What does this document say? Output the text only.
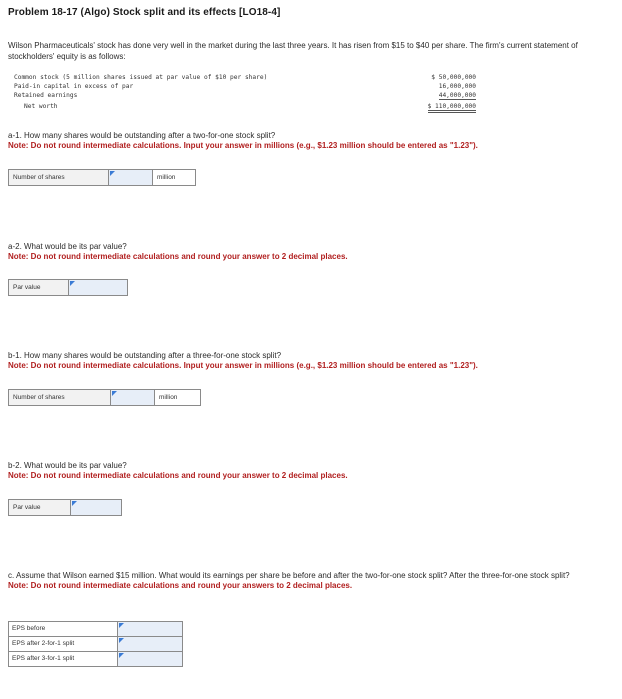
Problem 18-17 (Algo) Stock split and its effects [LO18-4]
Wilson Pharmaceuticals' stock has done very well in the market during the last three years. It has risen from $15 to $40 per share. The firm's current statement of stockholders' equity is as follows:
Common stock (5 million shares issued at par value of $10 per share)	$ 50,000,000
Paid-in capital in excess of par	16,000,000
Retained earnings	44,000,000
Net worth	$ 110,000,000
a-1. How many shares would be outstanding after a two-for-one stock split?
Note: Do not round intermediate calculations. Input your answer in millions (e.g., $1.23 million should be entered as "1.23").
Number of shares	million
a-2. What would be its par value?
Note: Do not round intermediate calculations and round your answer to 2 decimal places.
Par value
b-1. How many shares would be outstanding after a three-for-one stock split?
Note: Do not round intermediate calculations. Input your answer in millions (e.g., $1.23 million should be entered as "1.23").
Number of shares	million
b-2. What would be its par value?
Note: Do not round intermediate calculations and round your answer to 2 decimal places.
Par value
c. Assume that Wilson earned $15 million. What would its earnings per share be before and after the two-for-one stock split? After the three-for-one stock split?
Note: Do not round intermediate calculations and round your answers to 2 decimal places.
EPS before
EPS after 2-for-1 split
EPS after 3-for-1 split
